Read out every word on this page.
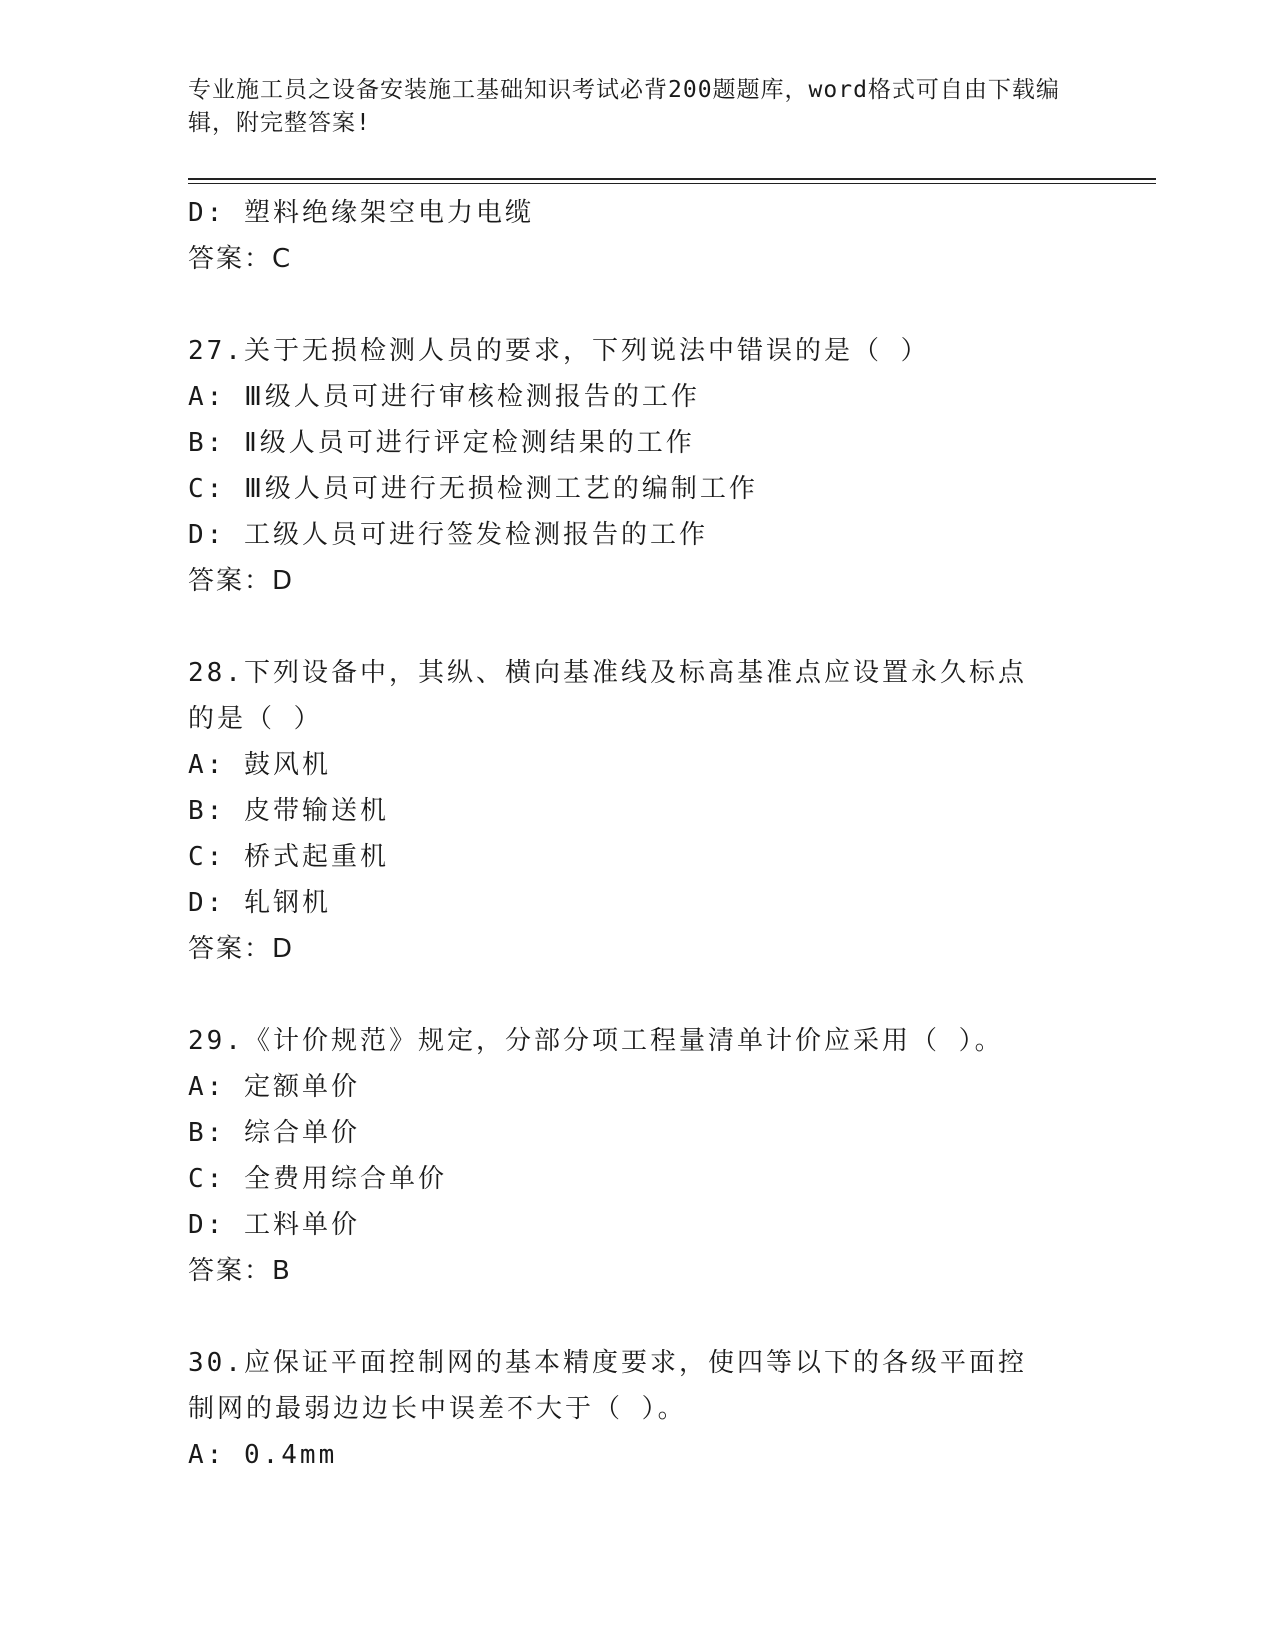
专业施工员之设备安装施工基础知识考试必背200题题库，word格式可自由下载编辑，附完整答案!
D: 塑料绝缘架空电力电缆
答案：C
27.关于无损检测人员的要求，下列说法中错误的是（ ）
A: Ⅲ级人员可进行审核检测报告的工作
B: Ⅱ级人员可进行评定检测结果的工作
C: Ⅲ级人员可进行无损检测工艺的编制工作
D: 工级人员可进行签发检测报告的工作
答案：D
28.下列设备中，其纵、横向基准线及标高基准点应设置永久标点的是（ ）
A: 鼓风机
B: 皮带输送机
C: 桥式起重机
D: 轧钢机
答案：D
29.《计价规范》规定，分部分项工程量清单计价应采用（ ）。
A: 定额单价
B: 综合单价
C: 全费用综合单价
D: 工料单价
答案：B
30.应保证平面控制网的基本精度要求，使四等以下的各级平面控制网的最弱边边长中误差不大于（ ）。
A: 0.4mm
